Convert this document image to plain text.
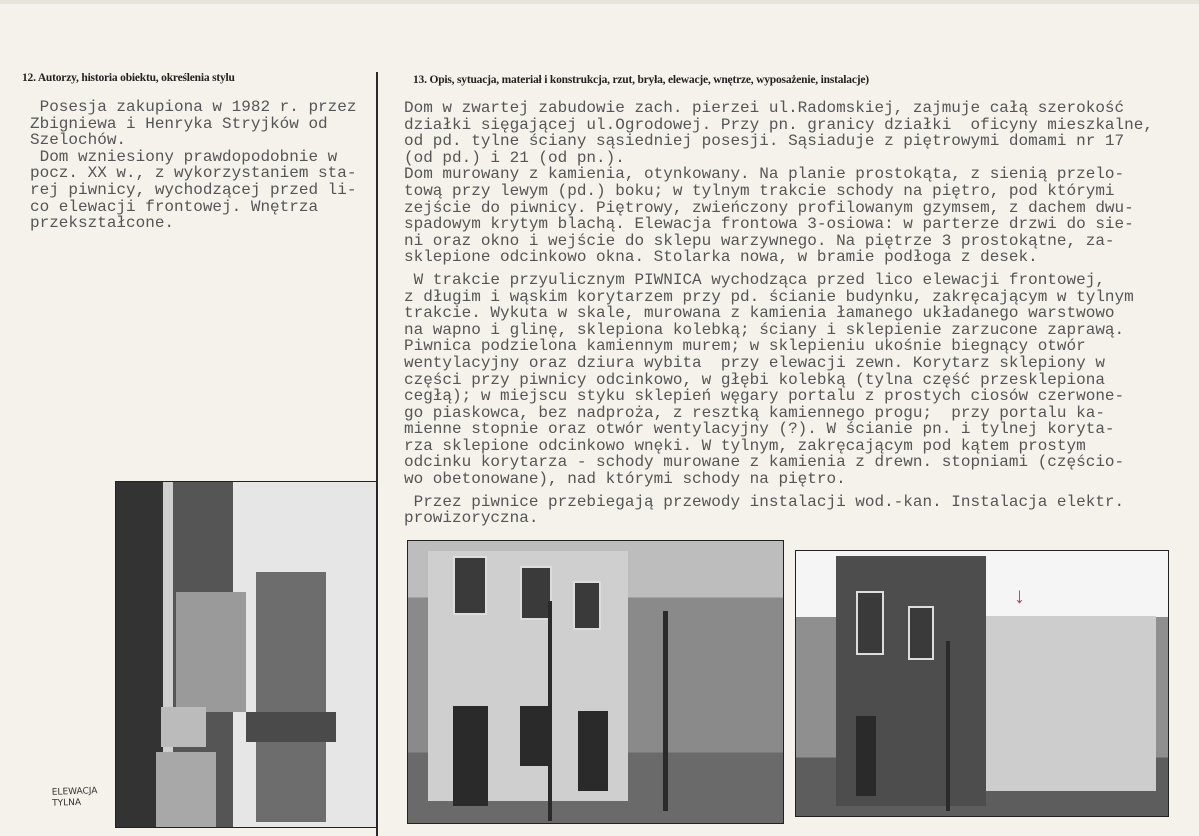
12. Autorzy, historia obiektu, określenia stylu
Posesja zakupiona w 1982 r. przez
Zbigniewa i Henryka Stryjków od
Szelochów.
Dom wzniesiony prawdopodobnie w
pocz. XX w., z wykorzystaniem sta-
rej piwnicy, wychodzącej przed li-
co elewacji frontowej. Wnętrza
przekształcone.
13. Opis, sytuacja, materiał i konstrukcja, rzut, bryła, elewacje, wnętrze, wyposażenie, instalacje)
Dom w zwartej zabudowie zach. pierzei ul.Radomskiej, zajmuje całą szerokość
działki sięgającej ul.Ogrodowej. Przy pn. granicy działki  oficyny mieszkalne,
od pd. tylne ściany sąsiedniej posesji. Sąsiaduje z piętrowymi domami nr 17
(od pd.) i 21 (od pn.).
Dom murowany z kamienia, otynkowany. Na planie prostokąta, z sienią przelo-
tową przy lewym (pd.) boku; w tylnym trakcie schody na piętro, pod którymi
zejście do piwnicy. Piętrowy, zwieńczony profilowanym gzymsem, z dachem dwu-
spadowym krytym blachą. Elewacja frontowa 3-osiowa: w parterze drzwi do sie-
ni oraz okno i wejście do sklepu warzywnego. Na piętrze 3 prostokątne, za-
sklepione odcinkowo okna. Stolarka nowa, w bramie podłoga z desek.
W trakcie przyulicznym PIWNICA wychodząca przed lico elewacji frontowej,
z długim i wąskim korytarzem przy pd. ścianie budynku, zakręcającym w tylnym
trakcie. Wykuta w skale, murowana z kamienia łamanego układanego warstwowo
na wapno i glinę, sklepiona kolebką; ściany i sklepienie zarzucone zaprawą.
Piwnica podzielona kamiennym murem; w sklepieniu ukośnie biegnący otwór
wentylacyjny oraz dziura wybita  przy elewacji zewn. Korytarz sklepiony w
części przy piwnicy odcinkowo, w głębi kolebką (tylna część przesklepiona
cegłą); w miejscu styku sklepień węgary portalu z prostych ciosów czerwone-
go piaskowca, bez nadproża, z resztką kamiennego progu;  przy portalu ka-
mienne stopnie oraz otwór wentylacyjny (?). W ścianie pn. i tylnej koryta-
rza sklepione odcinkowo wnęki. W tylnym, zakręcającym pod kątem prostym
odcinku korytarza - schody murowane z kamienia z drewn. stopniami (częścio-
wo obetonowane), nad którymi schody na piętro.
Przez piwnice przebiegają przewody instalacji wod.-kan. Instalacja elektr.
prowizoryczna.
ELEWACJA
TYLNA
↓
